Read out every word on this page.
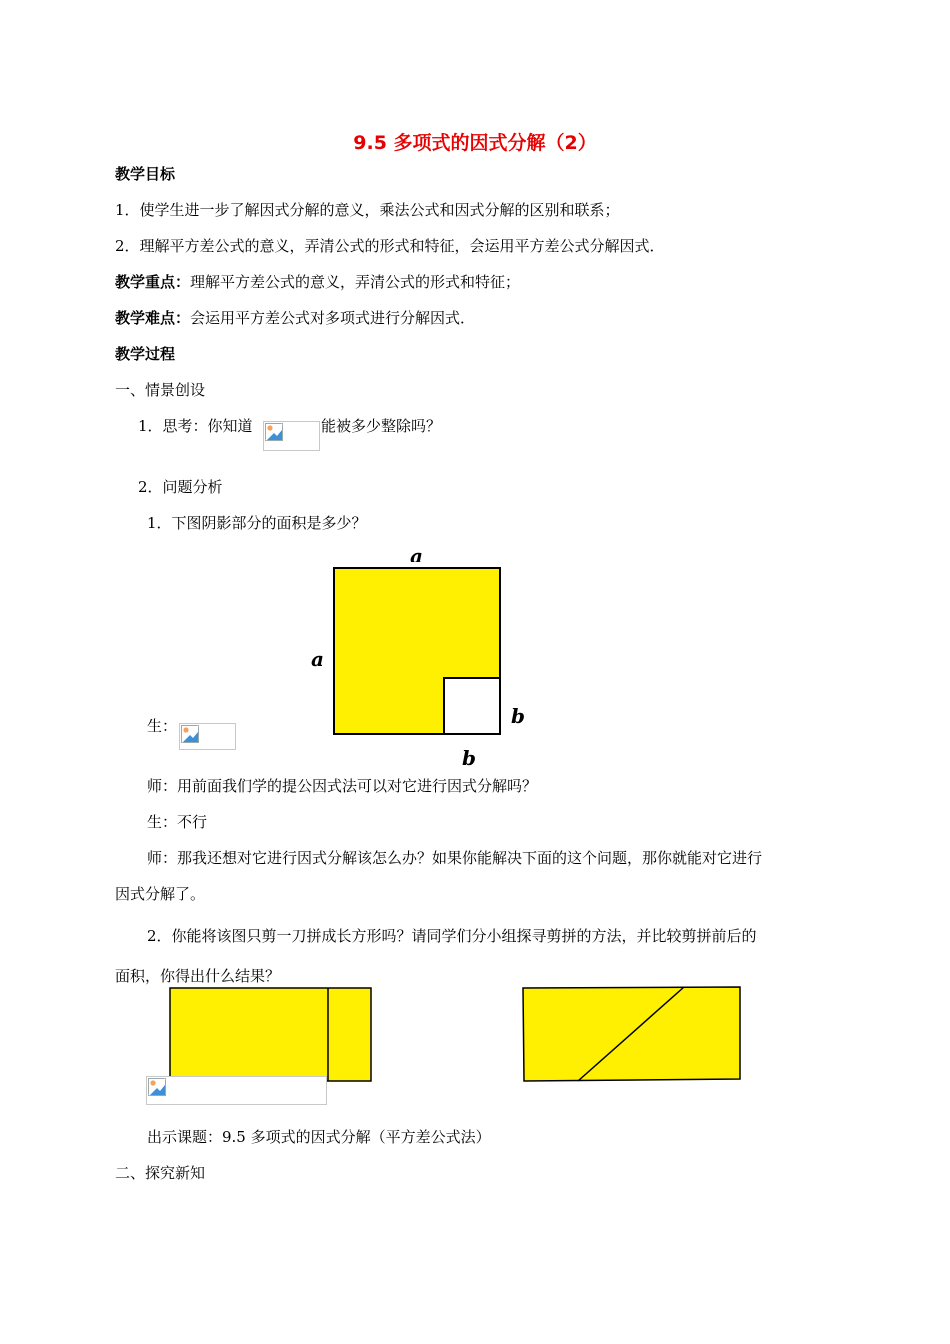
9.5 多项式的因式分解（2）
教学目标
1．使学生进一步了解因式分解的意义，乘法公式和因式分解的区别和联系；
2．理解平方差公式的意义，弄清公式的形式和特征，会运用平方差公式分解因式．
教学重点：理解平方差公式的意义，弄清公式的形式和特征；
教学难点：会运用平方差公式对多项式进行分解因式．
教学过程
一、情景创设
1．思考：你知道	能被多少整除吗？
2．问题分析
1．下图阴影部分的面积是多少？
a
a
b
b
生：
师：用前面我们学的提公因式法可以对它进行因式分解吗？
生：不行
师：那我还想对它进行因式分解该怎么办？如果你能解决下面的这个问题，那你就能对它进行
因式分解了。
2．你能将该图只剪一刀拼成长方形吗？请同学们分小组探寻剪拼的方法，并比较剪拼前后的
面积，你得出什么结果？
出示课题：9.5 多项式的因式分解（平方差公式法）
二、探究新知
